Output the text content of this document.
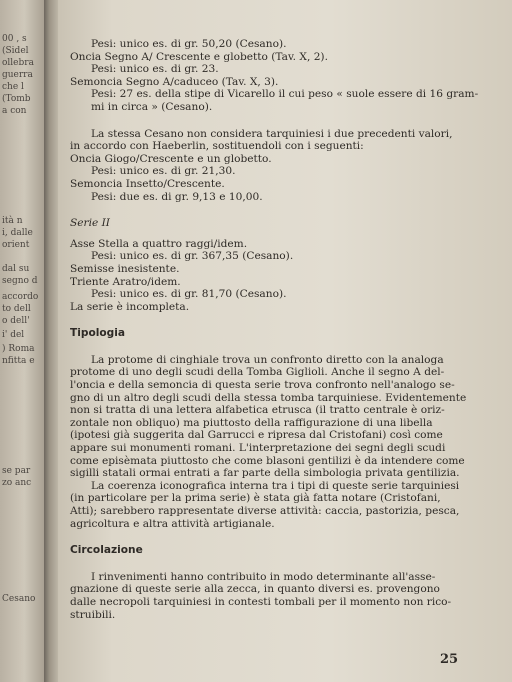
00 , s
(Sidel
ollebra
guerra
che l
(Tomb
a con
ità n
i, dalle
orient
dal su
segno d
accordo
to dell
o dell'
i' del
) Roma
nfitta e
se par
zo anc
Cesano
Pesi: unico es. di gr. 50,20 (Cesano).
Oncia Segno A/ Crescente e globetto (Tav. X, 2).
Pesi: unico es. di gr. 23.
Semoncia Segno A/caduceo (Tav. X, 3).
Pesi: 27 es. della stipe di Vicarello il cui peso « suole essere di 16 gram-
mi in circa » (Cesano).
La stessa Cesano non considera tarquiniesi i due precedenti valori,
in accordo con Haeberlin, sostituendoli con i seguenti:
Oncia Giogo/Crescente e un globetto.
Pesi: unico es. di gr. 21,30.
Semoncia Insetto/Crescente.
Pesi: due es. di gr. 9,13 e 10,00.
Serie II
Asse Stella a quattro raggi/idem.
Pesi: unico es. di gr. 367,35 (Cesano).
Semisse inesistente.
Triente Aratro/idem.
Pesi: unico es. di gr. 81,70 (Cesano).
La serie è incompleta.
Tipologia
La protome di cinghiale trova un confronto diretto con la analoga
protome di uno degli scudi della Tomba Giglioli. Anche il segno A del-
l'oncia e della semoncia di questa serie trova confronto nell'analogo se-
gno di un altro degli scudi della stessa tomba tarquiniese. Evidentemente
non si tratta di una lettera alfabetica etrusca (il tratto centrale è oriz-
zontale non obliquo) ma piuttosto della raffigurazione di una libella
(ipotesi già suggerita dal Garrucci e ripresa dal Cristofani) così come
appare sui monumenti romani. L'interpretazione dei segni degli scudi
come episèmata piuttosto che come blasoni gentilizi è da intendere come
sigilli statali ormai entrati a far parte della simbologia privata gentilizia.
La coerenza iconografica interna tra i tipi di queste serie tarquiniesi
(in particolare per la prima serie) è stata già fatta notare (Cristofani,
Atti); sarebbero rappresentate diverse attività: caccia, pastorizia, pesca,
agricoltura e altra attività artigianale.
Circolazione
I rinvenimenti hanno contribuito in modo determinante all'asse-
gnazione di queste serie alla zecca, in quanto diversi es. provengono
dalle necropoli tarquiniesi in contesti tombali per il momento non rico-
struibili.
25
